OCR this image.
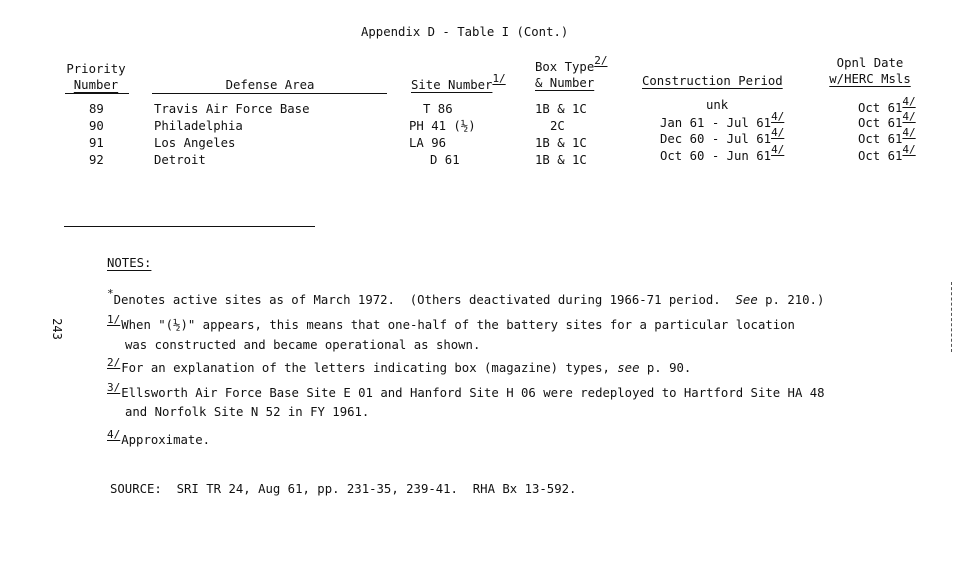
Appendix D - Table I (Cont.)
Priority
Number	Defense Area	Site Number1/
Box Type2/
& Number	Construction Period
Opnl Date
w/HERC Msls
89	Travis Air Force Base	T 86	1B & 1C	unk	Oct 614/
90	Philadelphia	PH 41 (½)	2C	Jan 61 - Jul 614/	Oct 614/
91	Los Angeles	LA 96	1B & 1C	Dec 60 - Jul 614/	Oct 614/
92	Detroit	D 61	1B & 1C	Oct 60 - Jun 614/	Oct 614/
NOTES:
*Denotes active sites as of March 1972.  (Others deactivated during 1966-71 period.  See p. 210.)
1/When "(½)" appears, this means that one-half of the battery sites for a particular location
was constructed and became operational as shown.
2/For an explanation of the letters indicating box (magazine) types, see p. 90.
3/Ellsworth Air Force Base Site E 01 and Hanford Site H 06 were redeployed to Hartford Site HA 48
and Norfolk Site N 52 in FY 1961.
4/Approximate.
SOURCE:  SRI TR 24, Aug 61, pp. 231-35, 239-41.  RHA Bx 13-592.
243
